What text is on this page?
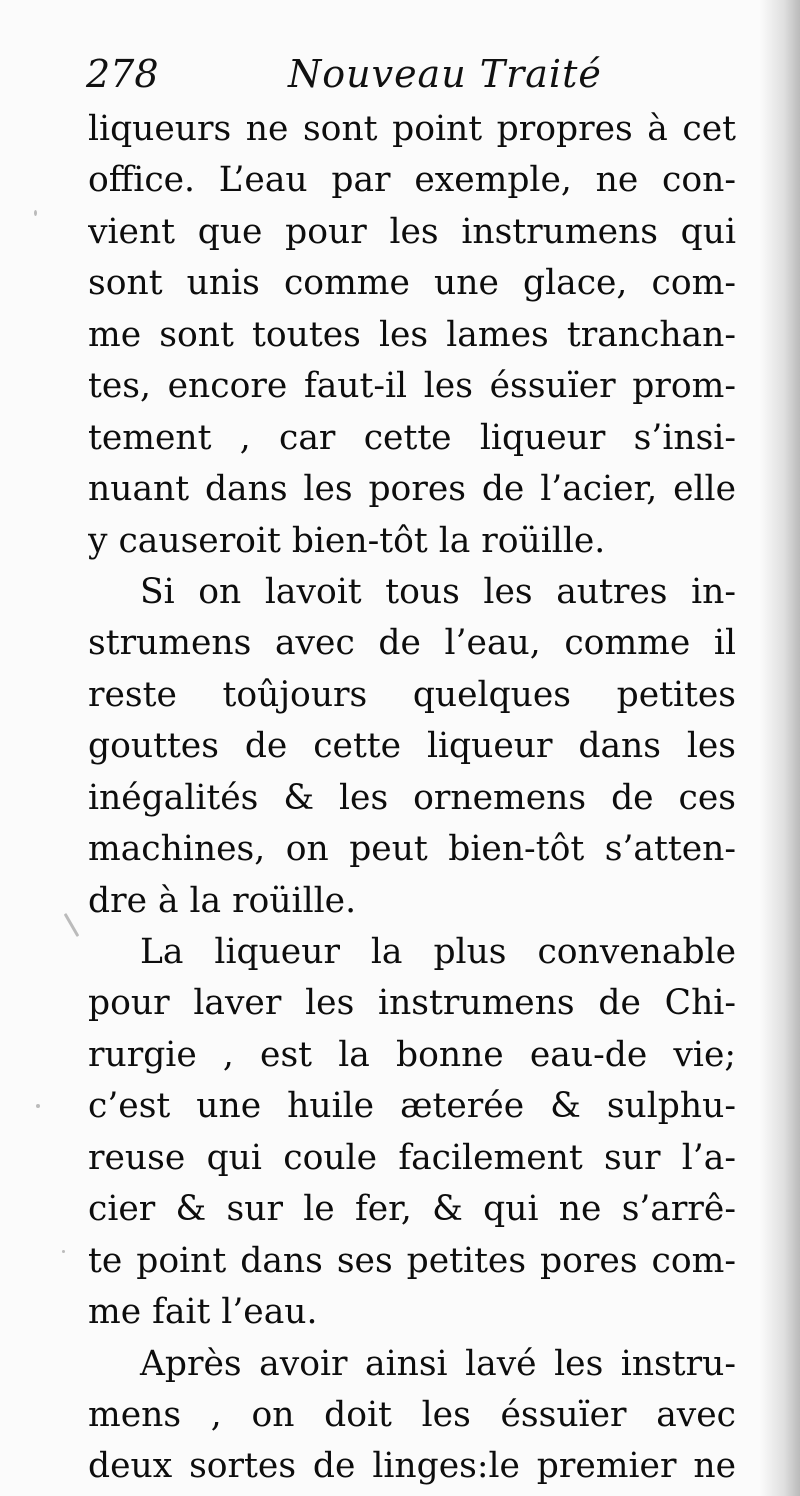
278	Nouveau Traité
liqueurs ne sont point propres à cet
office. L’eau par exemple, ne con-
vient que pour les instrumens qui
sont unis comme une glace, com-
me sont toutes les lames tranchan-
tes, encore faut-il les éssuïer prom-
tement , car cette liqueur s’insi-
nuant dans les pores de l’acier, elle
y causeroit bien-tôt la roüille.
Si on lavoit tous les autres in-
strumens avec de l’eau, comme il
reste toûjours quelques petites
gouttes de cette liqueur dans les
inégalités & les ornemens de ces
machines, on peut bien-tôt s’atten-
dre à la roüille.
La liqueur la plus convenable
pour laver les instrumens de Chi-
rurgie , est la bonne eau-de vie;
c’est une huile æterée & sulphu-
reuse qui coule facilement sur l’a-
cier & sur le fer, & qui ne s’arrê-
te point dans ses petites pores com-
me fait l’eau.
Après avoir ainsi lavé les instru-
mens , on doit les éssuïer avec
deux sortes de linges:le premier ne
